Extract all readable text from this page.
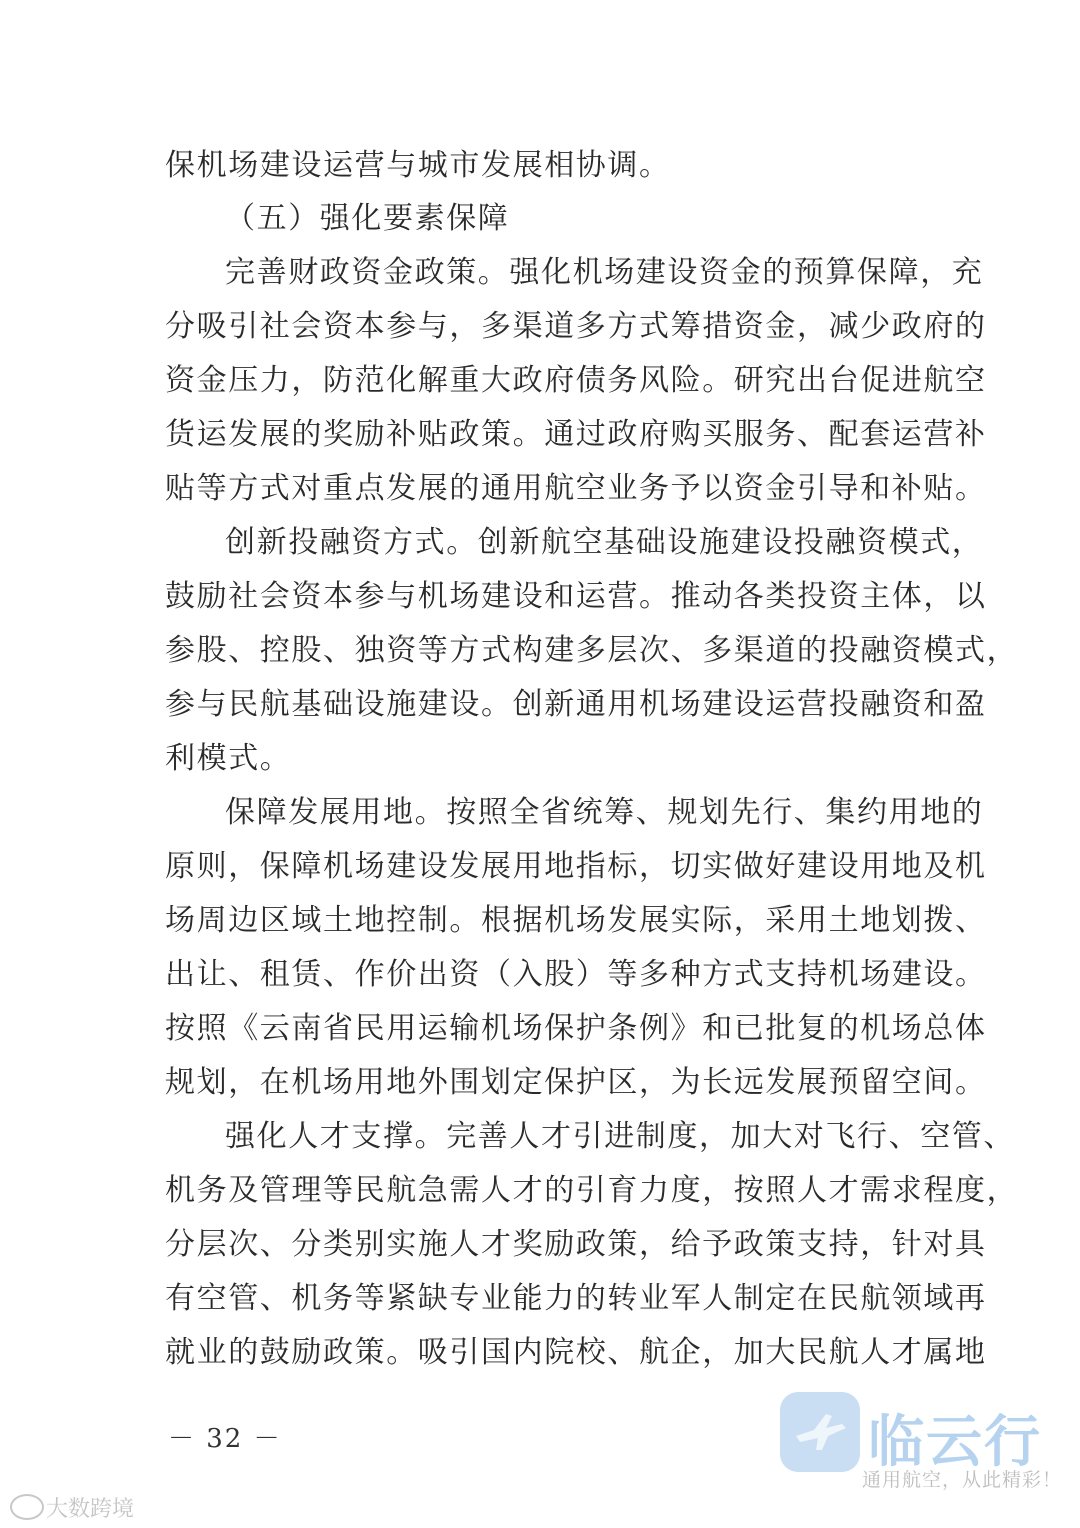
保机场建设运营与城市发展相协调。
（五）强化要素保障
完善财政资金政策。强化机场建设资金的预算保障，充
分吸引社会资本参与，多渠道多方式筹措资金，减少政府的
资金压力，防范化解重大政府债务风险。研究出台促进航空
货运发展的奖励补贴政策。通过政府购买服务、配套运营补
贴等方式对重点发展的通用航空业务予以资金引导和补贴。
创新投融资方式。创新航空基础设施建设投融资模式，
鼓励社会资本参与机场建设和运营。推动各类投资主体，以
参股、控股、独资等方式构建多层次、多渠道的投融资模式，
参与民航基础设施建设。创新通用机场建设运营投融资和盈
利模式。
保障发展用地。按照全省统筹、规划先行、集约用地的
原则，保障机场建设发展用地指标，切实做好建设用地及机
场周边区域土地控制。根据机场发展实际，采用土地划拨、
出让、租赁、作价出资（入股）等多种方式支持机场建设。
按照《云南省民用运输机场保护条例》和已批复的机场总体
规划，在机场用地外围划定保护区，为长远发展预留空间。
强化人才支撑。完善人才引进制度，加大对飞行、空管、
机务及管理等民航急需人才的引育力度，按照人才需求程度，
分层次、分类别实施人才奖励政策，给予政策支持，针对具
有空管、机务等紧缺专业能力的转业军人制定在民航领域再
就业的鼓励政策。吸引国内院校、航企，加大民航人才属地
－ 32 －	临云行
通用航空，从此精彩！
大数跨境
